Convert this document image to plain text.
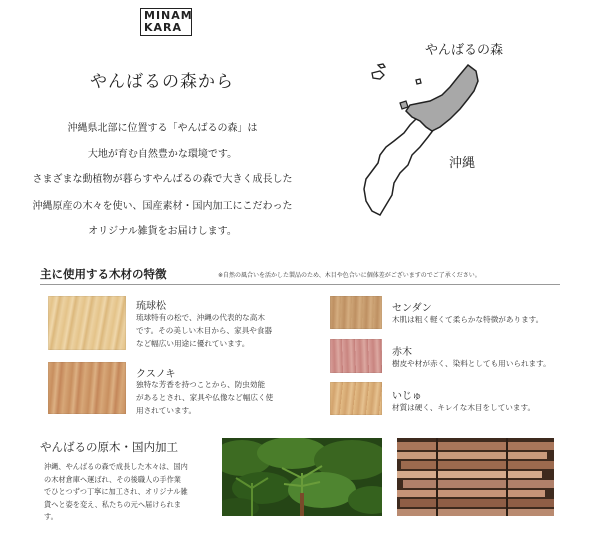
MINAM
KARA
やんばるの森から
沖縄県北部に位置する「やんばるの森」は
大地が育む自然豊かな環境です。
さまざまな動植物が暮らすやんばるの森で大きく成長した
沖縄原産の木々を使い、国産素材・国内加工にこだわった
オリジナル雑貨をお届けします。
やんばるの森
沖縄
主に使用する木材の特徴	※自然の風合いを活かした製品のため、木目や色合いに個体差がございますのでご了承ください。
琉球松
琉球特有の松で、沖縄の代表的な高木
です。その美しい木目から、家具や食器
など幅広い用途に優れています。
クスノキ
独特な芳香を持つことから、防虫効能
があるとされ、家具や仏像など幅広く使
用されています。
センダン
木肌は粗く軽くて柔らかな特徴があります。
赤木
樹皮や材が赤く、染料としても用いられます。
いじゅ
材質は硬く、キレイな木目をしています。
やんばるの原木・国内加工
沖縄、やんばるの森で成長した木々は、国内
の木材倉庫へ運ばれ、その後職人の手作業
でひとつずつ丁寧に加工され、オリジナル雑
貨へと姿を変え、私たちの元へ届けられま
す。
